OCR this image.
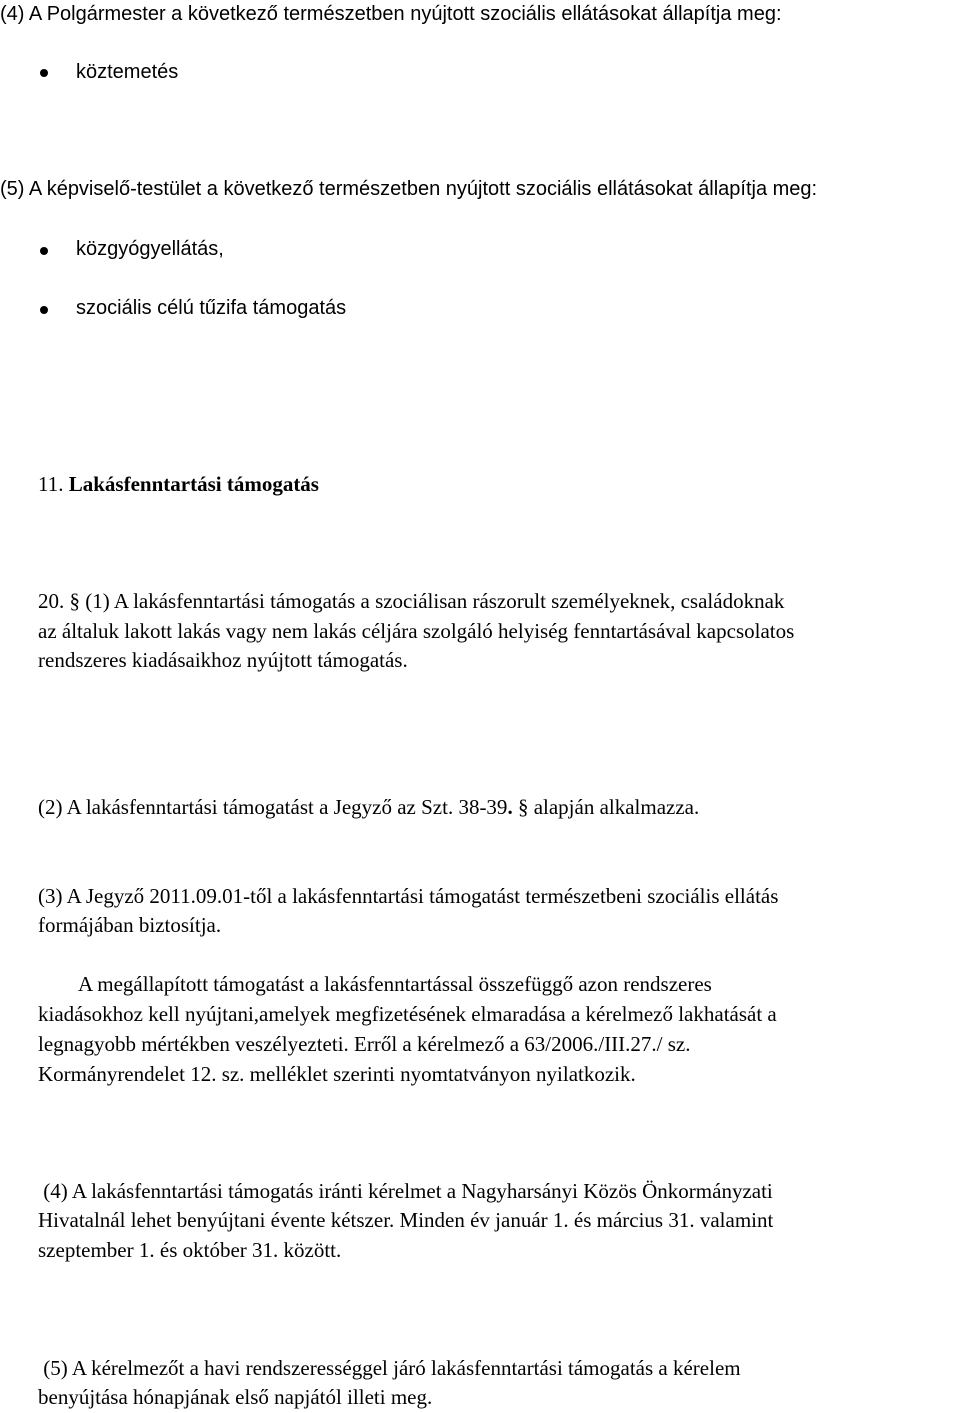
(4) A Polgármester a következő természetben nyújtott szociális ellátásokat állapítja meg:
köztemetés
(5) A képviselő-testület a következő természetben nyújtott szociális ellátásokat állapítja meg:
közgyógyellátás,
szociális célú tűzifa támogatás
11. Lakásfenntartási támogatás
20. § (1) A lakásfenntartási támogatás a szociálisan rászorult személyeknek, családoknak
az általuk lakott lakás vagy nem lakás céljára szolgáló helyiség fenntartásával kapcsolatos
rendszeres kiadásaikhoz nyújtott támogatás.
(2) A lakásfenntartási támogatást a Jegyző az Szt. 38-39. § alapján alkalmazza.
(3) A Jegyző 2011.09.01-től a lakásfenntartási támogatást természetbeni szociális ellátás
formájában biztosítja.
A megállapított támogatást a lakásfenntartással összefüggő azon rendszeres
kiadásokhoz kell nyújtani,amelyek megfizetésének elmaradása a kérelmező lakhatását a
legnagyobb mértékben veszélyezteti. Erről a kérelmező a 63/2006./III.27./ sz.
Kormányrendelet 12. sz. melléklet szerinti nyomtatványon nyilatkozik.
(4) A lakásfenntartási támogatás iránti kérelmet a Nagyharsányi Közös Önkormányzati
Hivatalnál lehet benyújtani évente kétszer. Minden év január 1. és március 31. valamint
szeptember 1. és október 31. között.
(5) A kérelmezőt a havi rendszerességgel járó lakásfenntartási támogatás a kérelem
benyújtása hónapjának első napjától illeti meg.
